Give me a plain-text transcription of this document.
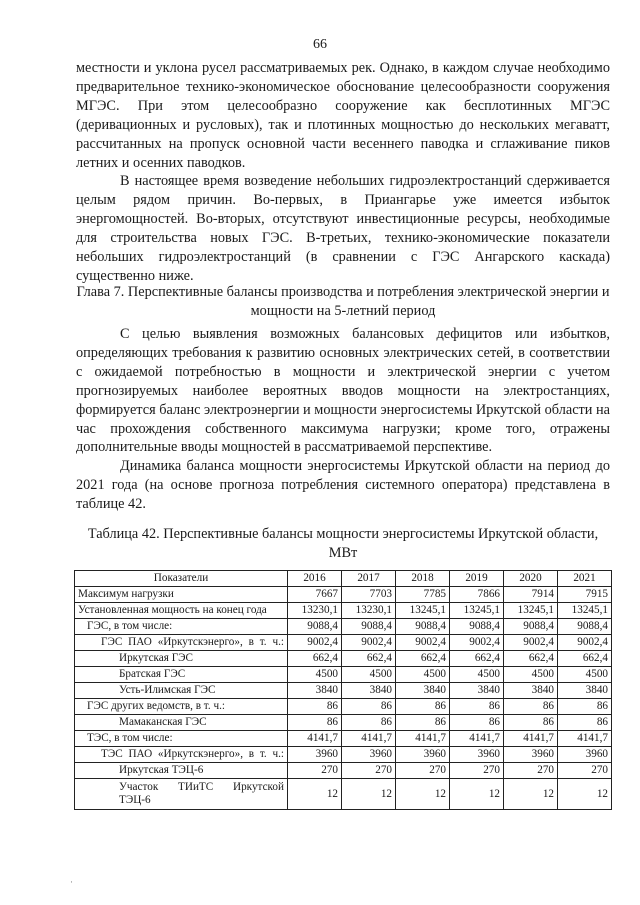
66

местности и уклона русел рассматриваемых рек. Однако, в каждом случае необходимо предварительное технико-экономическое обоснование целесообразности сооружения МГЭС. При этом целесообразно сооружение как бесплотинных МГЭС (деривационных и русловых), так и плотинных мощностью до нескольких мегаватт, рассчитанных на пропуск основной части весеннего паводка и сглаживание пиков летних и осенних паводков.

В настоящее время возведение небольших гидроэлектростанций сдерживается целым рядом причин. Во-первых, в Приангарье уже имеется избыток энергомощностей. Во-вторых, отсутствуют инвестиционные ресурсы, необходимые для строительства новых ГЭС. В-третьих, технико-экономические показатели небольших гидроэлектростанций (в сравнении с ГЭС Ангарского каскада) существенно ниже.

Глава 7. Перспективные балансы производства и потребления электрической энергии и мощности на 5-летний период

С целью выявления возможных балансовых дефицитов или избытков, определяющих требования к развитию основных электрических сетей, в соответствии с ожидаемой потребностью в мощности и электрической энергии с учетом прогнозируемых наиболее вероятных вводов мощности на электростанциях, формируется баланс электроэнергии и мощности энергосистемы Иркутской области на час прохождения собственного максимума нагрузки; кроме того, отражены дополнительные вводы мощностей в рассматриваемой перспективе.

Динамика баланса мощности энергосистемы Иркутской области на период до 2021 года (на основе прогноза потребления системного оператора) представлена в таблице 42.

Таблица 42. Перспективные балансы мощности энергосистемы Иркутской области, МВт
Показатели	2016	2017	2018	2019	2020	2021
Максимум нагрузки	7667	7703	7785	7866	7914	7915
Установленная мощность на конец года	13230,1	13230,1	13245,1	13245,1	13245,1	13245,1
ГЭС, в том числе:	9088,4	9088,4	9088,4	9088,4	9088,4	9088,4

ГЭС ПАО «Иркутскэнерго», в т. ч.:	9002,4	9002,4	9002,4	9002,4	9002,4	9002,4
Иркутская ГЭС	662,4	662,4	662,4	662,4	662,4	662,4
Братская ГЭС	4500	4500	4500	4500	4500	4500
Усть-Илимская ГЭС	3840	3840	3840	3840	3840	3840
ГЭС других ведомств, в т. ч.:	86	86	86	86	86	86
Мамаканская ГЭС	86	86	86	86	86	86
ТЭС, в том числе:	4141,7	4141,7	4141,7	4141,7	4141,7	4141,7

ТЭС ПАО «Иркутскэнерго», в т. ч.:	3960	3960	3960	3960	3960	3960
Иркутская ТЭЦ-6	270	270	270	270	270	270

Участок ТИиТС Иркутской ТЭЦ-6	12	12	12	12	12	12
·
